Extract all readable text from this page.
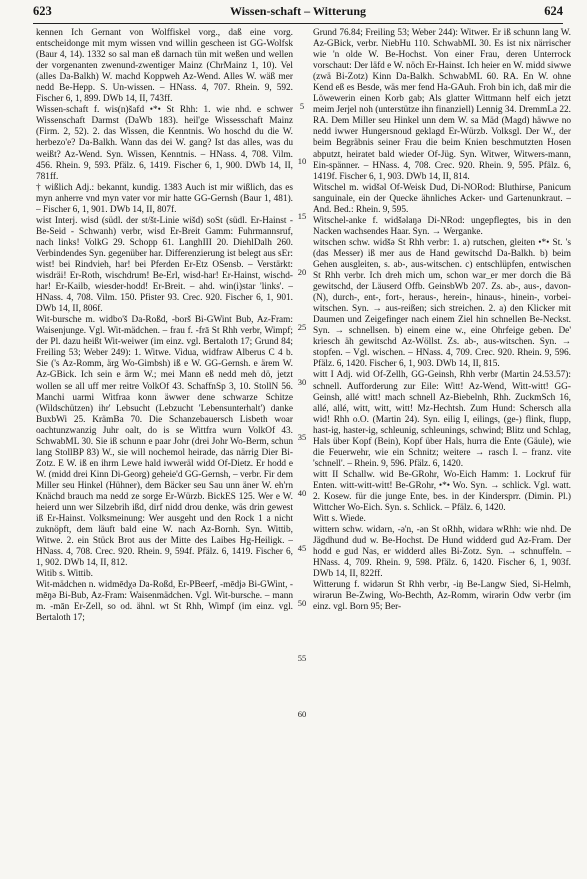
623	Wissen-schaft – Witterung	624

kennen Ich Gernant von Wolffiskel vorg., daß eine vorg. entscheidonge mit mym wissen vnd willin gescheen ist GG-Wolfsk (Baur 4, 14). 1332 so sal man eß darnach tün mit weßen und wellen der vorgenanten zwenund-zwentiger Mainz (ChrMainz 1, 10). Vel (alles Da-Balkh) W. machd Koppweh Az-Wend. Alles W. wäß mer nedd Be-Hepp. S. Un-wissen. – HNass. 4, 707. Rhein. 9, 592. Fischer 6, 1, 899. DWb 14, II, 743ff.

Wissen-schaft f. wis(n)šafd •*• St Rhh: 1. wie nhd. e schwer Wissenschaft Darmst (DaWb 183). heil'ge Wissesschaft Mainz (Firm. 2, 52). 2. das Wissen, die Kenntnis. Wo hoschd du die W. herbezo'e? Da-Balkh. Wann das dei W. gang? Ist das alles, was du weißt? Az-Wend. Syn. Wissen, Kenntnis. – HNass. 4, 708. Vilm. 456. Rhein. 9, 593. Pfälz. 6, 1419. Fischer 6, 1, 900. DWb 14, II, 781ff.

† wißlich Adj.: bekannt, kundig. 1383 Auch ist mir wißlich, das es myn anherre vnd myn vater vor mir hatte GG-Gernsh (Baur 1, 481). – Fischer 6, 1, 901. DWb 14, II, 807f.

wist Interj. wisd (südl. der st/št-Linie wišd) soSt (südl. Er-Hainst - Be-Seid - Schwanh) verbr, wisd Er-Breit Gamm: Fuhrmannsruf, nach links! VolkG 29. Schopp 61. LanghIII 20. DiehlDalh 260. Verbindendes Syn. gegenüber har. Differenzierung ist belegt aus sEr: wist! bei Rindvieh, har! bei Pferden Er-Etz OSensb. – Verstärkt: wisdräi! Er-Roth, wischdrum! Be-Erl, wisd-har! Er-Hainst, wischd-har! Er-Kailb, wiesder-hodd! Er-Breit. – ahd. win(i)star 'links'. – HNass. 4, 708. Vilm. 150. Pfister 93. Crec. 920. Fischer 6, 1, 901. DWb 14, II, 806f.

Wit-bursche m. widbo'š Da-Roßd, -borš Bi-GWint Bub, Az-Fram: Waisenjunge. Vgl. Wit-mädchen. – frau f. -frā St Rhh verbr, Wimpf; der Pl. dazu heißt Wit-weiwer (im einz. vgl. Bertaloth 17; Grund 84; Freiling 53; Weber 249): 1. Witwe. Vidua, widfraw Alberus C 4 b. Sie ('s Az-Romm, ärg Wo-Gimbsh) iß e W. GG-Gernsh. e ärem W. Az-GBick. Ich sein e ärm W.; mei Mann eß nedd meh dö, jetzt wollen se all uff mer reitre VolkOf 43. SchaffnSp 3, 10. StollN 56. Manchi uarmi Witfraa konn äwwer dene schwarze Schitze (Wildschützen) ihr' Lebsucht (Lebzucht 'Lebensunterhalt') danke BuxbWi 25. KrämBa 70. Die Schanzebauersch Lisbeth woar oachtunzwanzig Juhr oalt, do is se Wittfra wurn VolkOf 43. SchwabML 30. Sie iß schunn e paar Johr (drei Johr Wo-Berm, schun lang StollBP 83) W., sie will nochemol heirade, das närrig Dier Bi-Zotz. E W. iß en ihrm Lewe hald iwweräl widd Of-Dietz. Er hodd e W. (midd drei Kinn Di-Georg) geheie'd GG-Gernsh, – verbr. Fir dem Miller seu Hinkel (Hühner), dem Bäcker seu Sau unn äner W. eh'rn Knächd brauch ma nedd ze sorge Er-Würzb. BickES 125. Wer e W. heierd unn wer Silzebrih ißd, dirf nidd drou denke, wäs drin gewest iß Er-Hainst. Volksmeinung: Wer ausgeht und den Rock 1 a nicht zuknöpft, dem läuft bald eine W. nach Az-Bornh. Syn. Wittib, Witwe. 2. ein Stück Brot aus der Mitte des Laibes Hg-Heiligk. – HNass. 4, 708. Crec. 920. Rhein. 9, 594f. Pfälz. 6, 1419. Fischer 6, 1, 902. DWb 14, II, 812.

Witib s. Wittib.

Wit-mädchen n. widmēdχə Da-Roßd, Er-PBeerf, -mēdjə Bi-GWint, -mēŋə Bi-Bub, Az-Fram: Waisenmädchen. Vgl. Wit-bursche. – mann m. -mān Er-Zell, so od. ähnl. wt St Rhh, Wimpf (im einz. vgl. Bertaloth 17;

5
10
15
20
25
30
35
40
45
50
55
60

Grund 76.84; Freiling 53; Weber 244): Witwer. Er iß schunn lang W. Az-GBick, verbr. NiebHu 110. SchwabML 30. Es ist nix närrischer wie 'n olde W. Be-Hochst. Von einer Frau, deren Unterrock vorschaut: Der läfd e W. nöch Er-Hainst. Ich heier en W. midd siwwe (zwä Bi-Zotz) Kinn Da-Balkh. SchwabML 60. RA. En W. ohne Kend eß es Besde, wäs mer fend Ha-GAuh. Froh bin ich, daß mir die Löwewerin einen Korb gab; Als glatter Wittmann helf eich jetzt meim Jerjel noh (unterstütze ihn finanziell) Lennig 34. DremmLa 22. RA. Dem Miller seu Hinkel unn dem W. sa Mäd (Magd) häwwe no nedd iwwer Hungersnoud geklagd Er-Würzb. Volksgl. Der W., der beim Begräbnis seiner Frau die beim Knien beschmutzten Hosen abputzt, heiratet bald wieder Of-Jüg. Syn. Witwer, Witwers-mann, Ein-spänner. – HNass. 4, 708. Crec. 920. Rhein. 9, 595. Pfälz. 6, 1419f. Fischer 6, 1, 903. DWb 14, II, 814.

Witschel m. widšəl Of-Weisk Dud, Di-NORod: Bluthirse, Panicum sanguinale, ein der Quecke ähnliches Acker- und Gartenunkraut. – And. Bed.: Rhein. 9, 595.

Witschel-anke f. widšəlaŋə Di-NRod: ungepflegtes, bis in den Nacken wachsendes Haar. Syn. → Werganke.

witschen schw. widšə St Rhh verbr: 1. a) rutschen, gleiten •*• St. 's (das Messer) iß mer aus de Hand gewitschd Da-Balkh. b) beim Gehen ausgleiten, s. ab-, aus-witschen. c) entschlüpfen, entwischen St Rhh verbr. Ich dreh mich um, schon war_er mer dorch die Bä gewitschd, der Läuserd Offb. GeinsbWb 207. Zs. ab-, aus-, davon- (N), durch-, ent-, fort-, heraus-, herein-, hinaus-, hinein-, vorbei-witschen. Syn. → aus-reißen; sich streichen. 2. a) den Klicker mit Daumen und Zeigefinger nach einem Ziel hin schnellen Be-Neckst. Syn. → schnellsen. b) einem eine w., eine Ohrfeige geben. De' kriesch äh gewitschd Az-Wöllst. Zs. ab-, aus-witschen. Syn. → stopfen. – Vgl. wischen. – HNass. 4, 709. Crec. 920. Rhein. 9, 596. Pfälz. 6, 1420. Fischer 6, 1, 903. DWb 14, II, 815.

witt I Adj. wid Of-Zellh, GG-Geinsh, Rhh verbr (Martin 24.53.57): schnell. Aufforderung zur Eile: Witt! Az-Wend, Witt-witt! GG-Geinsh, allé witt! mach schnell Az-Biebelnh, Rhh. ZuckmSch 16, allé, allé, witt, witt, witt! Mz-Hechtsh. Zum Hund: Schersch alla wid! Rhh o.O. (Martin 24). Syn. eilig I, eilings, (ge-) flink, flupp, hast-ig, haster-ig, schleunig, schleunings, schwind; Blitz und Schlag, Hals über Kopf (Bein), Kopf über Hals, hurra die Ente (Gäule), wie die Feuerwehr, wie ein Schnitz; weitere → rasch I. – franz. vite 'schnell'. – Rhein. 9, 596. Pfälz. 6, 1420.

witt II Schallw. wid Be-GRohr, Wo-Eich Hamm: 1. Lockruf für Enten. witt-witt-witt! Be-GRohr, •*• Wo. Syn. → schlick. Vgl. watt. 2. Kosew. für die junge Ente, bes. in der Kindersprr. (Dimin. Pl.) Wittcher Wo-Eich. Syn. s. Schlick. – Pfälz. 6, 1420.

Witt s. Wiede.

wittern schw. widərn, -ə'n, -ən St oRhh, widərə wRhh: wie nhd. De Jägdhund dud w. Be-Hochst. De Hund widderd gud Az-Fram. Der hodd e gud Nas, er widderd alles Bi-Zotz. Syn. → schnuffeln. – HNass. 4, 709. Rhein. 9, 598. Pfälz. 6, 1420. Fischer 6, 1, 903f. DWb 14, II, 822ff.

Witterung f. widərun St Rhh verbr, -iŋ Be-Langw Sied, Si-Helmh, wirərun Be-Zwing, Wo-Bechth, Az-Romm, wirərin Odw verbr (im einz. vgl. Born 95; Ber-
